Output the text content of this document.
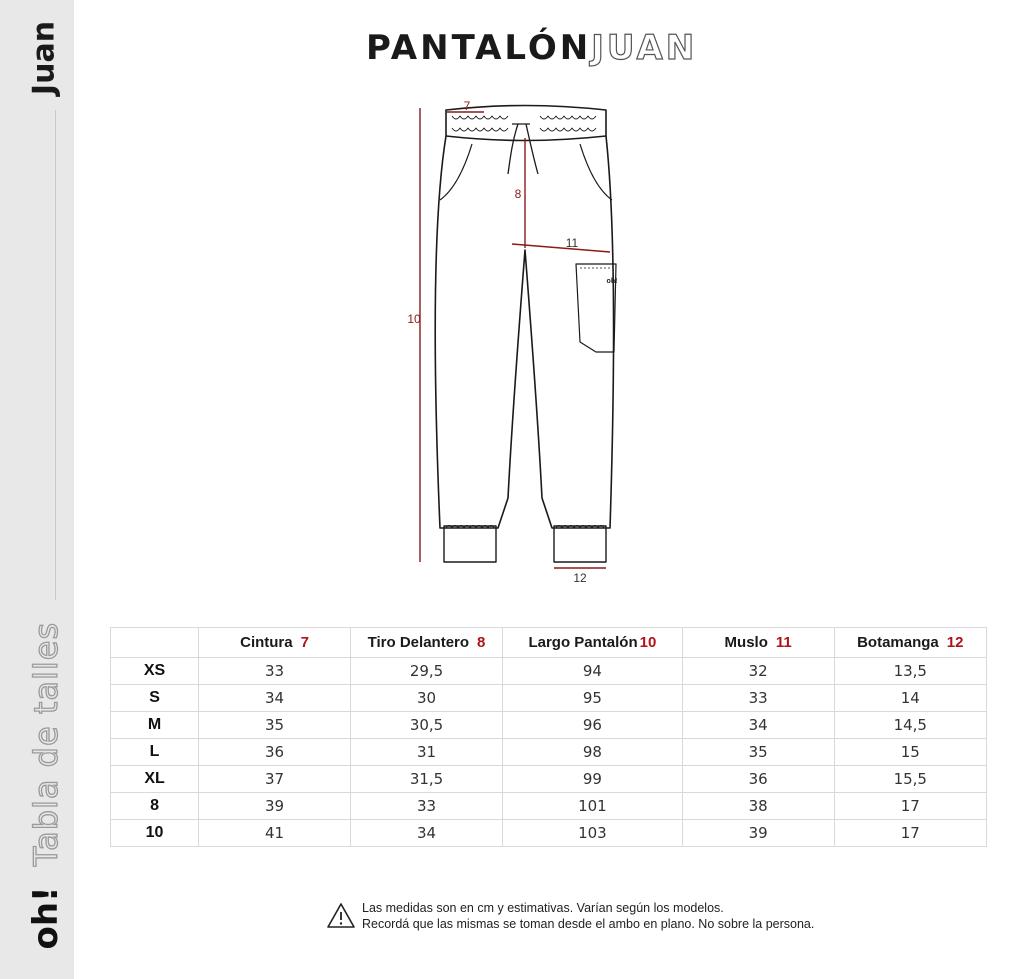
Juan
Tabla de talles
oh!
PANTALÓNJUAN
7
8
11
10
12
oh!
	Cintura 7	Tiro Delantero 8	Largo Pantalón 10	Muslo 11	Botamanga 12
XS	33	29,5	94	32	13,5
S	34	30	95	33	14
M	35	30,5	96	34	14,5
L	36	31	98	35	15
XL	37	31,5	99	36	15,5
8	39	33	101	38	17
10	41	34	103	39	17
Las medidas son en cm y estimativas. Varían según los modelos.
Recordá que las mismas se toman desde el ambo en plano. No sobre la persona.
